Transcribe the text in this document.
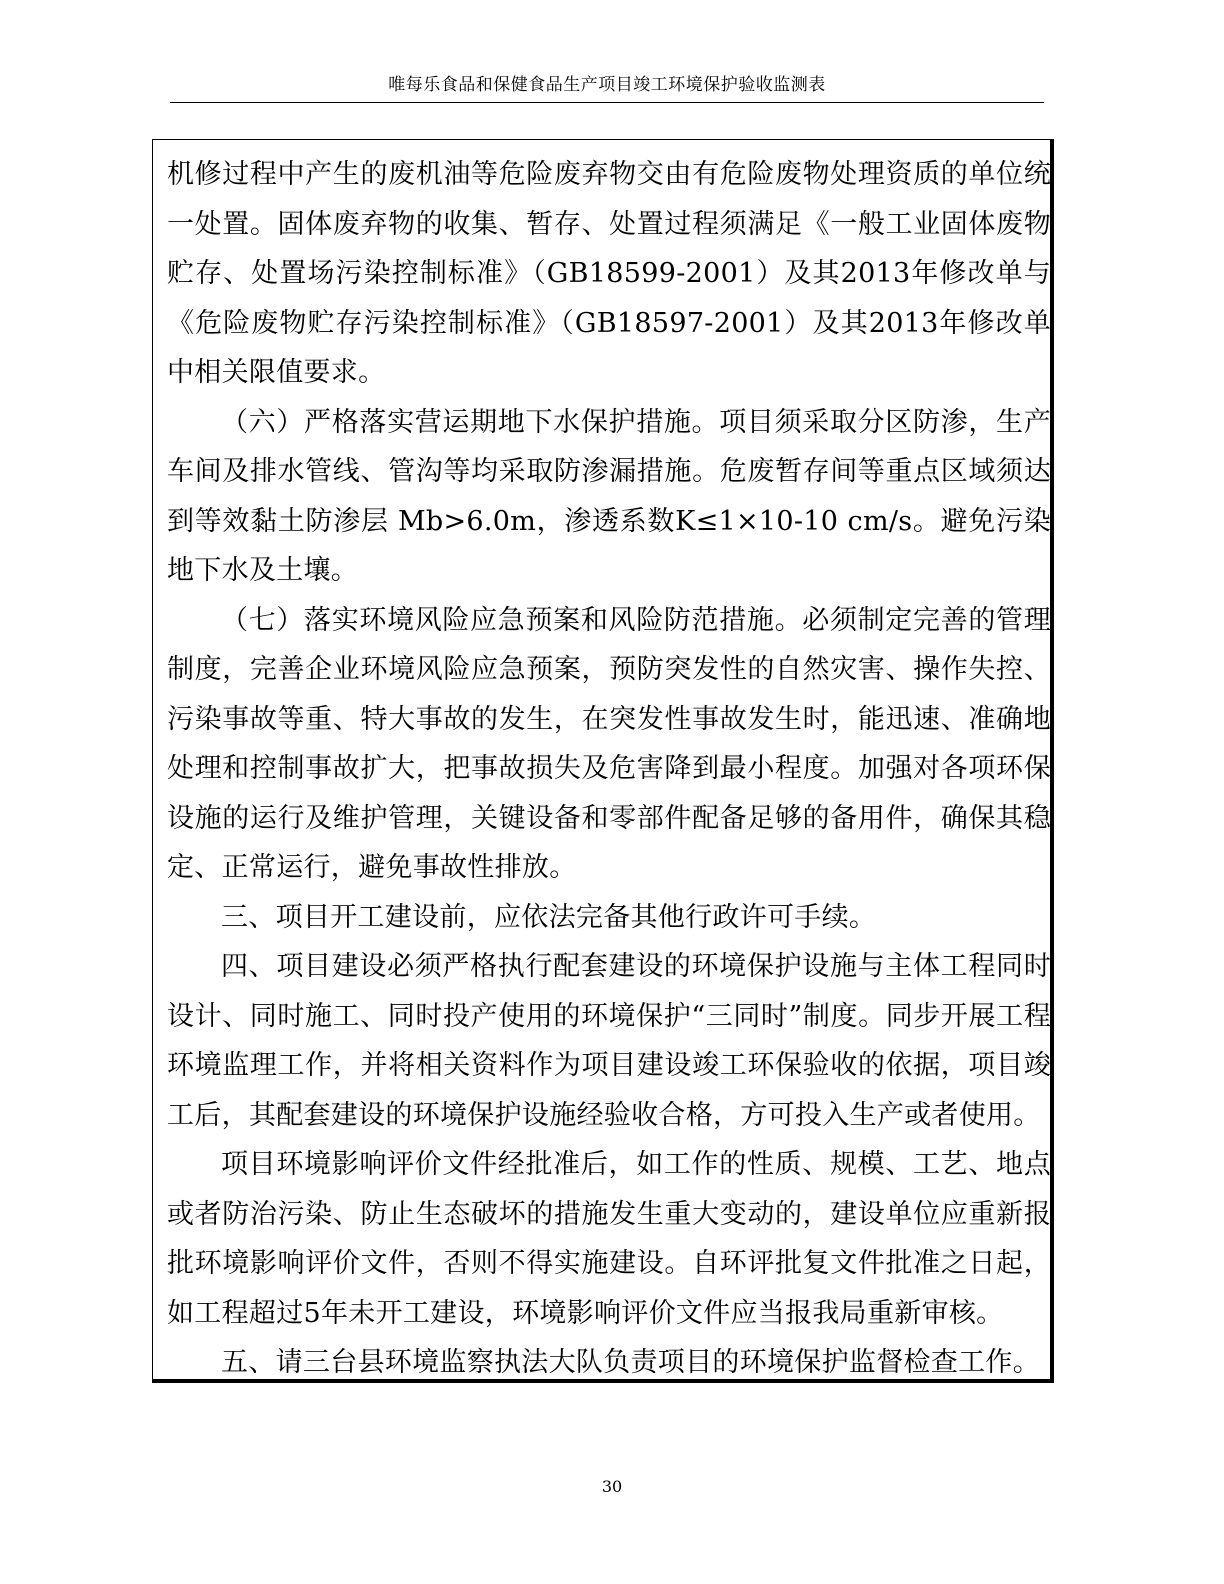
唯每乐食品和保健食品生产项目竣工环境保护验收监测表

机修过程中产生的废机油等危险废弃物交由有危险废物处理资质的单位统一处置。固体废弃物的收集、暂存、处置过程须满足《一般工业固体废物贮存、处置场污染控制标准》（GB18599-2001）及其2013年修改单与《危险废物贮存污染控制标准》（GB18597-2001）及其2013年修改单中相关限值要求。

（六）严格落实营运期地下水保护措施。项目须采取分区防渗，生产车间及排水管线、管沟等均采取防渗漏措施。危废暂存间等重点区域须达到等效黏土防渗层 Mb>6.0m，渗透系数K≤1×10-10 cm/s。避免污染地下水及土壤。

（七）落实环境风险应急预案和风险防范措施。必须制定完善的管理制度，完善企业环境风险应急预案，预防突发性的自然灾害、操作失控、污染事故等重、特大事故的发生，在突发性事故发生时，能迅速、准确地处理和控制事故扩大，把事故损失及危害降到最小程度。加强对各项环保设施的运行及维护管理，关键设备和零部件配备足够的备用件，确保其稳定、正常运行，避免事故性排放。

三、项目开工建设前，应依法完备其他行政许可手续。

四、项目建设必须严格执行配套建设的环境保护设施与主体工程同时设计、同时施工、同时投产使用的环境保护“三同时”制度。同步开展工程环境监理工作，并将相关资料作为项目建设竣工环保验收的依据，项目竣工后，其配套建设的环境保护设施经验收合格，方可投入生产或者使用。

项目环境影响评价文件经批准后，如工作的性质、规模、工艺、地点或者防治污染、防止生态破坏的措施发生重大变动的，建设单位应重新报批环境影响评价文件，否则不得实施建设。自环评批复文件批准之日起，如工程超过5年未开工建设，环境影响评价文件应当报我局重新审核。

五、请三台县环境监察执法大队负责项目的环境保护监督检查工作。

30
